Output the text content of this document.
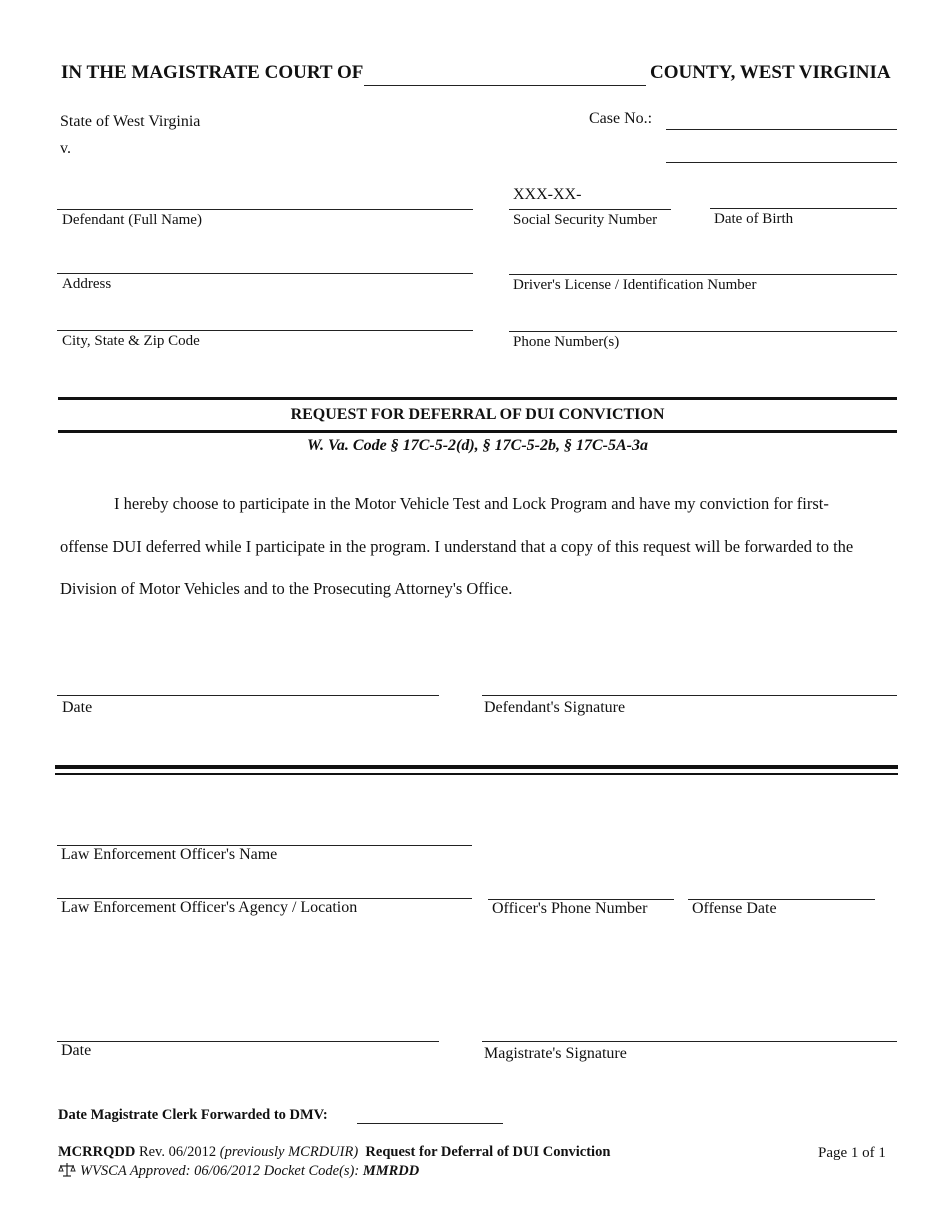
IN THE MAGISTRATE COURT OF	COUNTY, WEST VIRGINIA
State of West Virginia
v.
Case No.:
Defendant (Full Name)
XXX-XX-
Social Security Number	Date of Birth
Address	Driver's License / Identification Number
City, State & Zip Code	Phone Number(s)
REQUEST FOR DEFERRAL OF DUI CONVICTION
W. Va. Code § 17C-5-2(d), § 17C-5-2b, § 17C-5A-3a
I hereby choose to participate in the Motor Vehicle Test and Lock Program and have my conviction for first-
offense DUI deferred while I participate in the program. I understand that a copy of this request will be forwarded to the
Division of Motor Vehicles and to the Prosecuting Attorney's Office.
Date	Defendant's Signature
Law Enforcement Officer's Name
Law Enforcement Officer's Agency / Location	Officer's Phone Number	Offense Date
Date	Magistrate's Signature
Date Magistrate Clerk Forwarded to DMV:
MCRRQDD Rev. 06/2012 (previously MCRDUIR)  Request for Deferral of DUI Conviction	Page 1 of 1
WVSCA Approved: 06/06/2012 Docket Code(s): MMRDD
